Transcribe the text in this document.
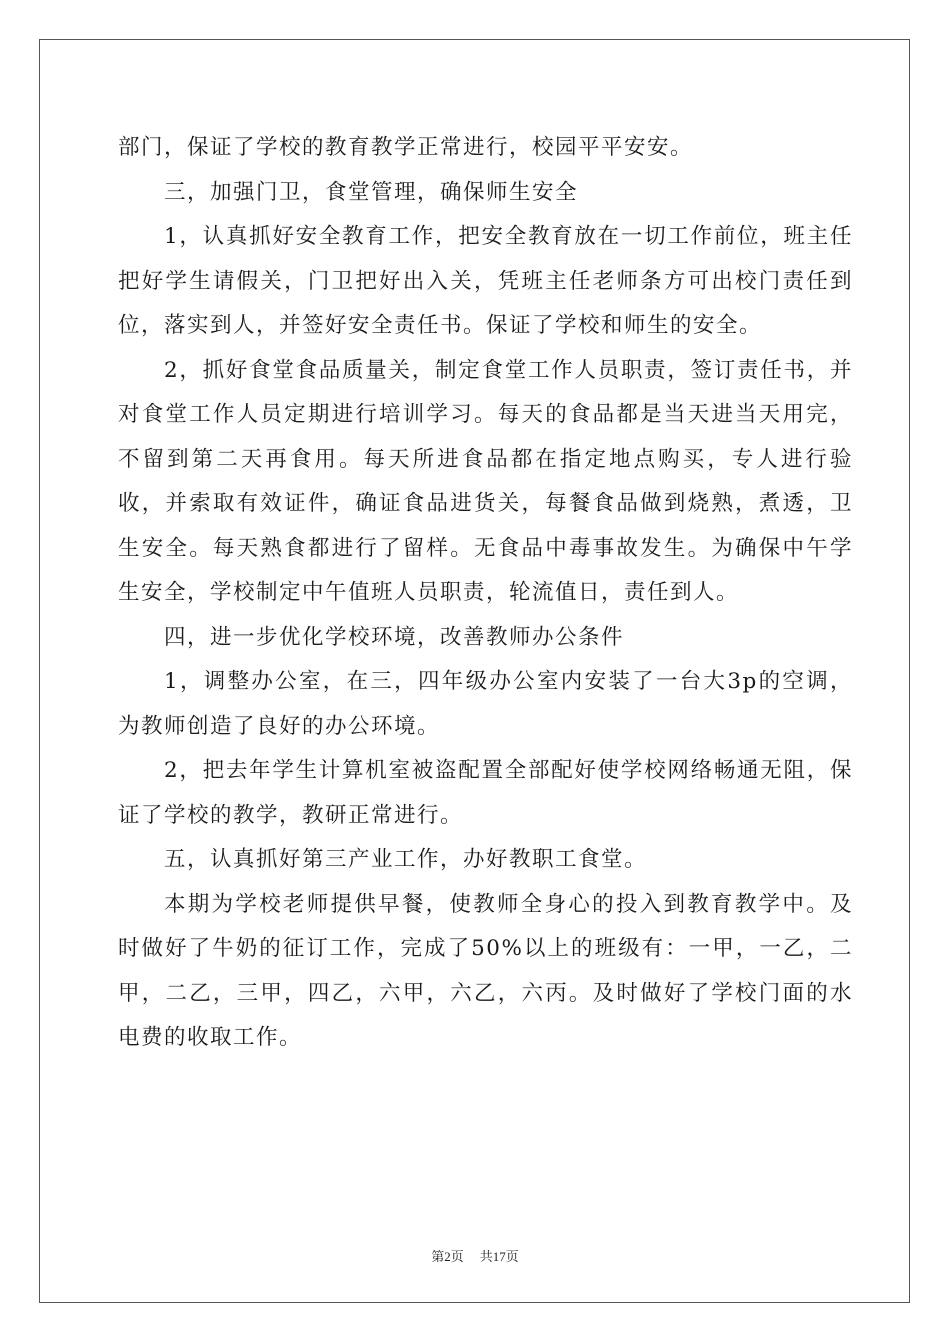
部门，保证了学校的教育教学正常进行，校园平平安安。

三，加强门卫，食堂管理，确保师生安全

1，认真抓好安全教育工作，把安全教育放在一切工作前位，班主任把好学生请假关，门卫把好出入关，凭班主任老师条方可出校门责任到位，落实到人，并签好安全责任书。保证了学校和师生的安全。

2，抓好食堂食品质量关，制定食堂工作人员职责，签订责任书，并对食堂工作人员定期进行培训学习。每天的食品都是当天进当天用完，不留到第二天再食用。每天所进食品都在指定地点购买，专人进行验收，并索取有效证件，确证食品进货关，每餐食品做到烧熟，煮透，卫生安全。每天熟食都进行了留样。无食品中毒事故发生。为确保中午学生安全，学校制定中午值班人员职责，轮流值日，责任到人。

四，进一步优化学校环境，改善教师办公条件

1，调整办公室，在三，四年级办公室内安装了一台大3p的空调，为教师创造了良好的办公环境。

2，把去年学生计算机室被盗配置全部配好使学校网络畅通无阻，保证了学校的教学，教研正常进行。

五，认真抓好第三产业工作，办好教职工食堂。

本期为学校老师提供早餐，使教师全身心的投入到教育教学中。及时做好了牛奶的征订工作，完成了50%以上的班级有：一甲，一乙，二甲，二乙，三甲，四乙，六甲，六乙，六丙。及时做好了学校门面的水电费的收取工作。

第2页 共17页
